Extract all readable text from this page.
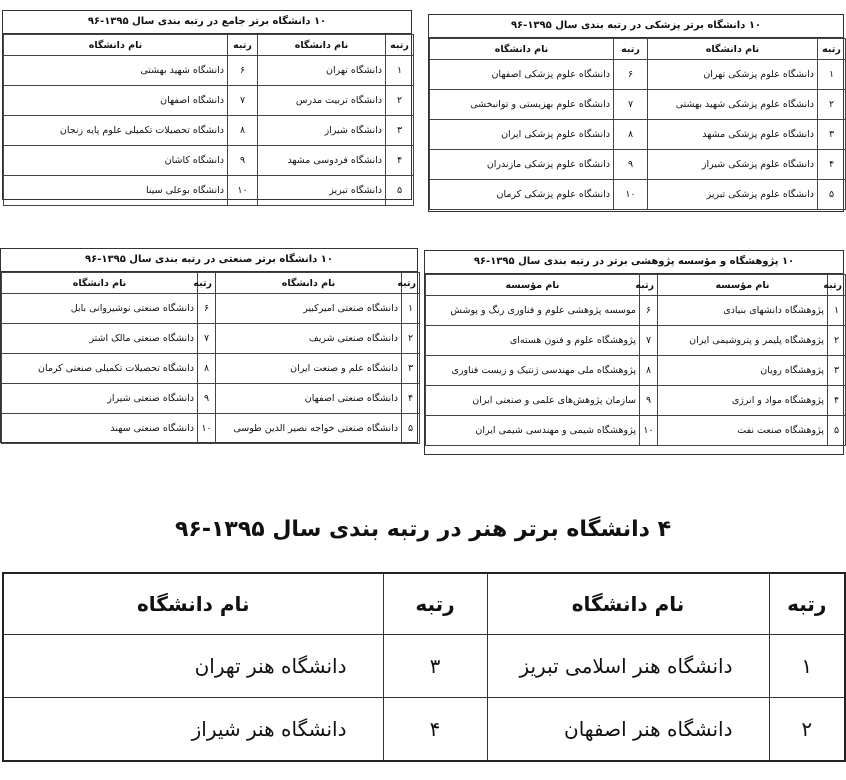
۱۰ دانشگاه برتر جامع در رتبه بندی سال ۱۳۹۵-۹۶
رتبه	نام دانشگاه	رتبه	نام دانشگاه
۱	دانشگاه تهران	۶	دانشگاه شهید بهشتی
۲	دانشگاه تربیت مدرس	۷	دانشگاه اصفهان
۳	دانشگاه شیراز	۸	دانشگاه تحصیلات تکمیلی علوم پایه زنجان
۴	دانشگاه فردوسی مشهد	۹	دانشگاه کاشان
۵	دانشگاه تبریز	۱۰	دانشگاه بوعلی سینا
۱۰ دانشگاه برتر پزشکی در رتبه بندی سال ۱۳۹۵-۹۶
رتبه	نام دانشگاه	رتبه	نام دانشگاه
۱	دانشگاه علوم پزشکی تهران	۶	دانشگاه علوم پزشکی اصفهان
۲	دانشگاه علوم پزشکی شهید بهشتی	۷	دانشگاه علوم بهزیستی و توانبخشی
۳	دانشگاه علوم پزشکی مشهد	۸	دانشگاه علوم پزشکی ایران
۴	دانشگاه علوم پزشکی شیراز	۹	دانشگاه علوم پزشکی مازندران
۵	دانشگاه علوم پزشکی تبریز	۱۰	دانشگاه علوم پزشکی کرمان
۱۰ دانشگاه برتر صنعتی در رتبه بندی سال ۱۳۹۵-۹۶
رتبه	نام دانشگاه	رتبه	نام دانشگاه
۱	دانشگاه صنعتی امیرکبیر	۶	دانشگاه صنعتی نوشیروانی بابل
۲	دانشگاه صنعتی شریف	۷	دانشگاه صنعتی مالک اشتر
۳	دانشگاه علم و صنعت ایران	۸	دانشگاه تحصیلات تکمیلی صنعتی کرمان
۴	دانشگاه صنعتی اصفهان	۹	دانشگاه صنعتی شیراز
۵	دانشگاه صنعتی خواجه نصیر الدین طوسی	۱۰	دانشگاه صنعتی سهند
۱۰ پژوهشگاه و مؤسسه پژوهشی برتر در رتبه بندی سال ۱۳۹۵-۹۶
رتبه	نام مؤسسه	رتبه	نام مؤسسه
۱	پژوهشگاه دانشهای بنیادی	۶	موسسه پژوهشی علوم و فناوری رنگ و پوشش
۲	پژوهشگاه پلیمر و پتروشیمی ایران	۷	پژوهشگاه علوم و فنون هسته‌ای
۳	پژوهشگاه رویان	۸	پژوهشگاه ملی مهندسی ژنتیک و زیست فناوری
۴	پژوهشگاه مواد و انرژی	۹	سازمان پژوهش‌های علمی و صنعتی ایران
۵	پژوهشگاه صنعت نفت	۱۰	پژوهشگاه شیمی و مهندسی شیمی ایران
۴ دانشگاه برتر هنر در رتبه بندی سال ۱۳۹۵-۹۶
رتبه	نام دانشگاه	رتبه	نام دانشگاه
۱	دانشگاه هنر اسلامی تبریز	۳	دانشگاه هنر تهران
۲	دانشگاه هنر اصفهان	۴	دانشگاه هنر شیراز
